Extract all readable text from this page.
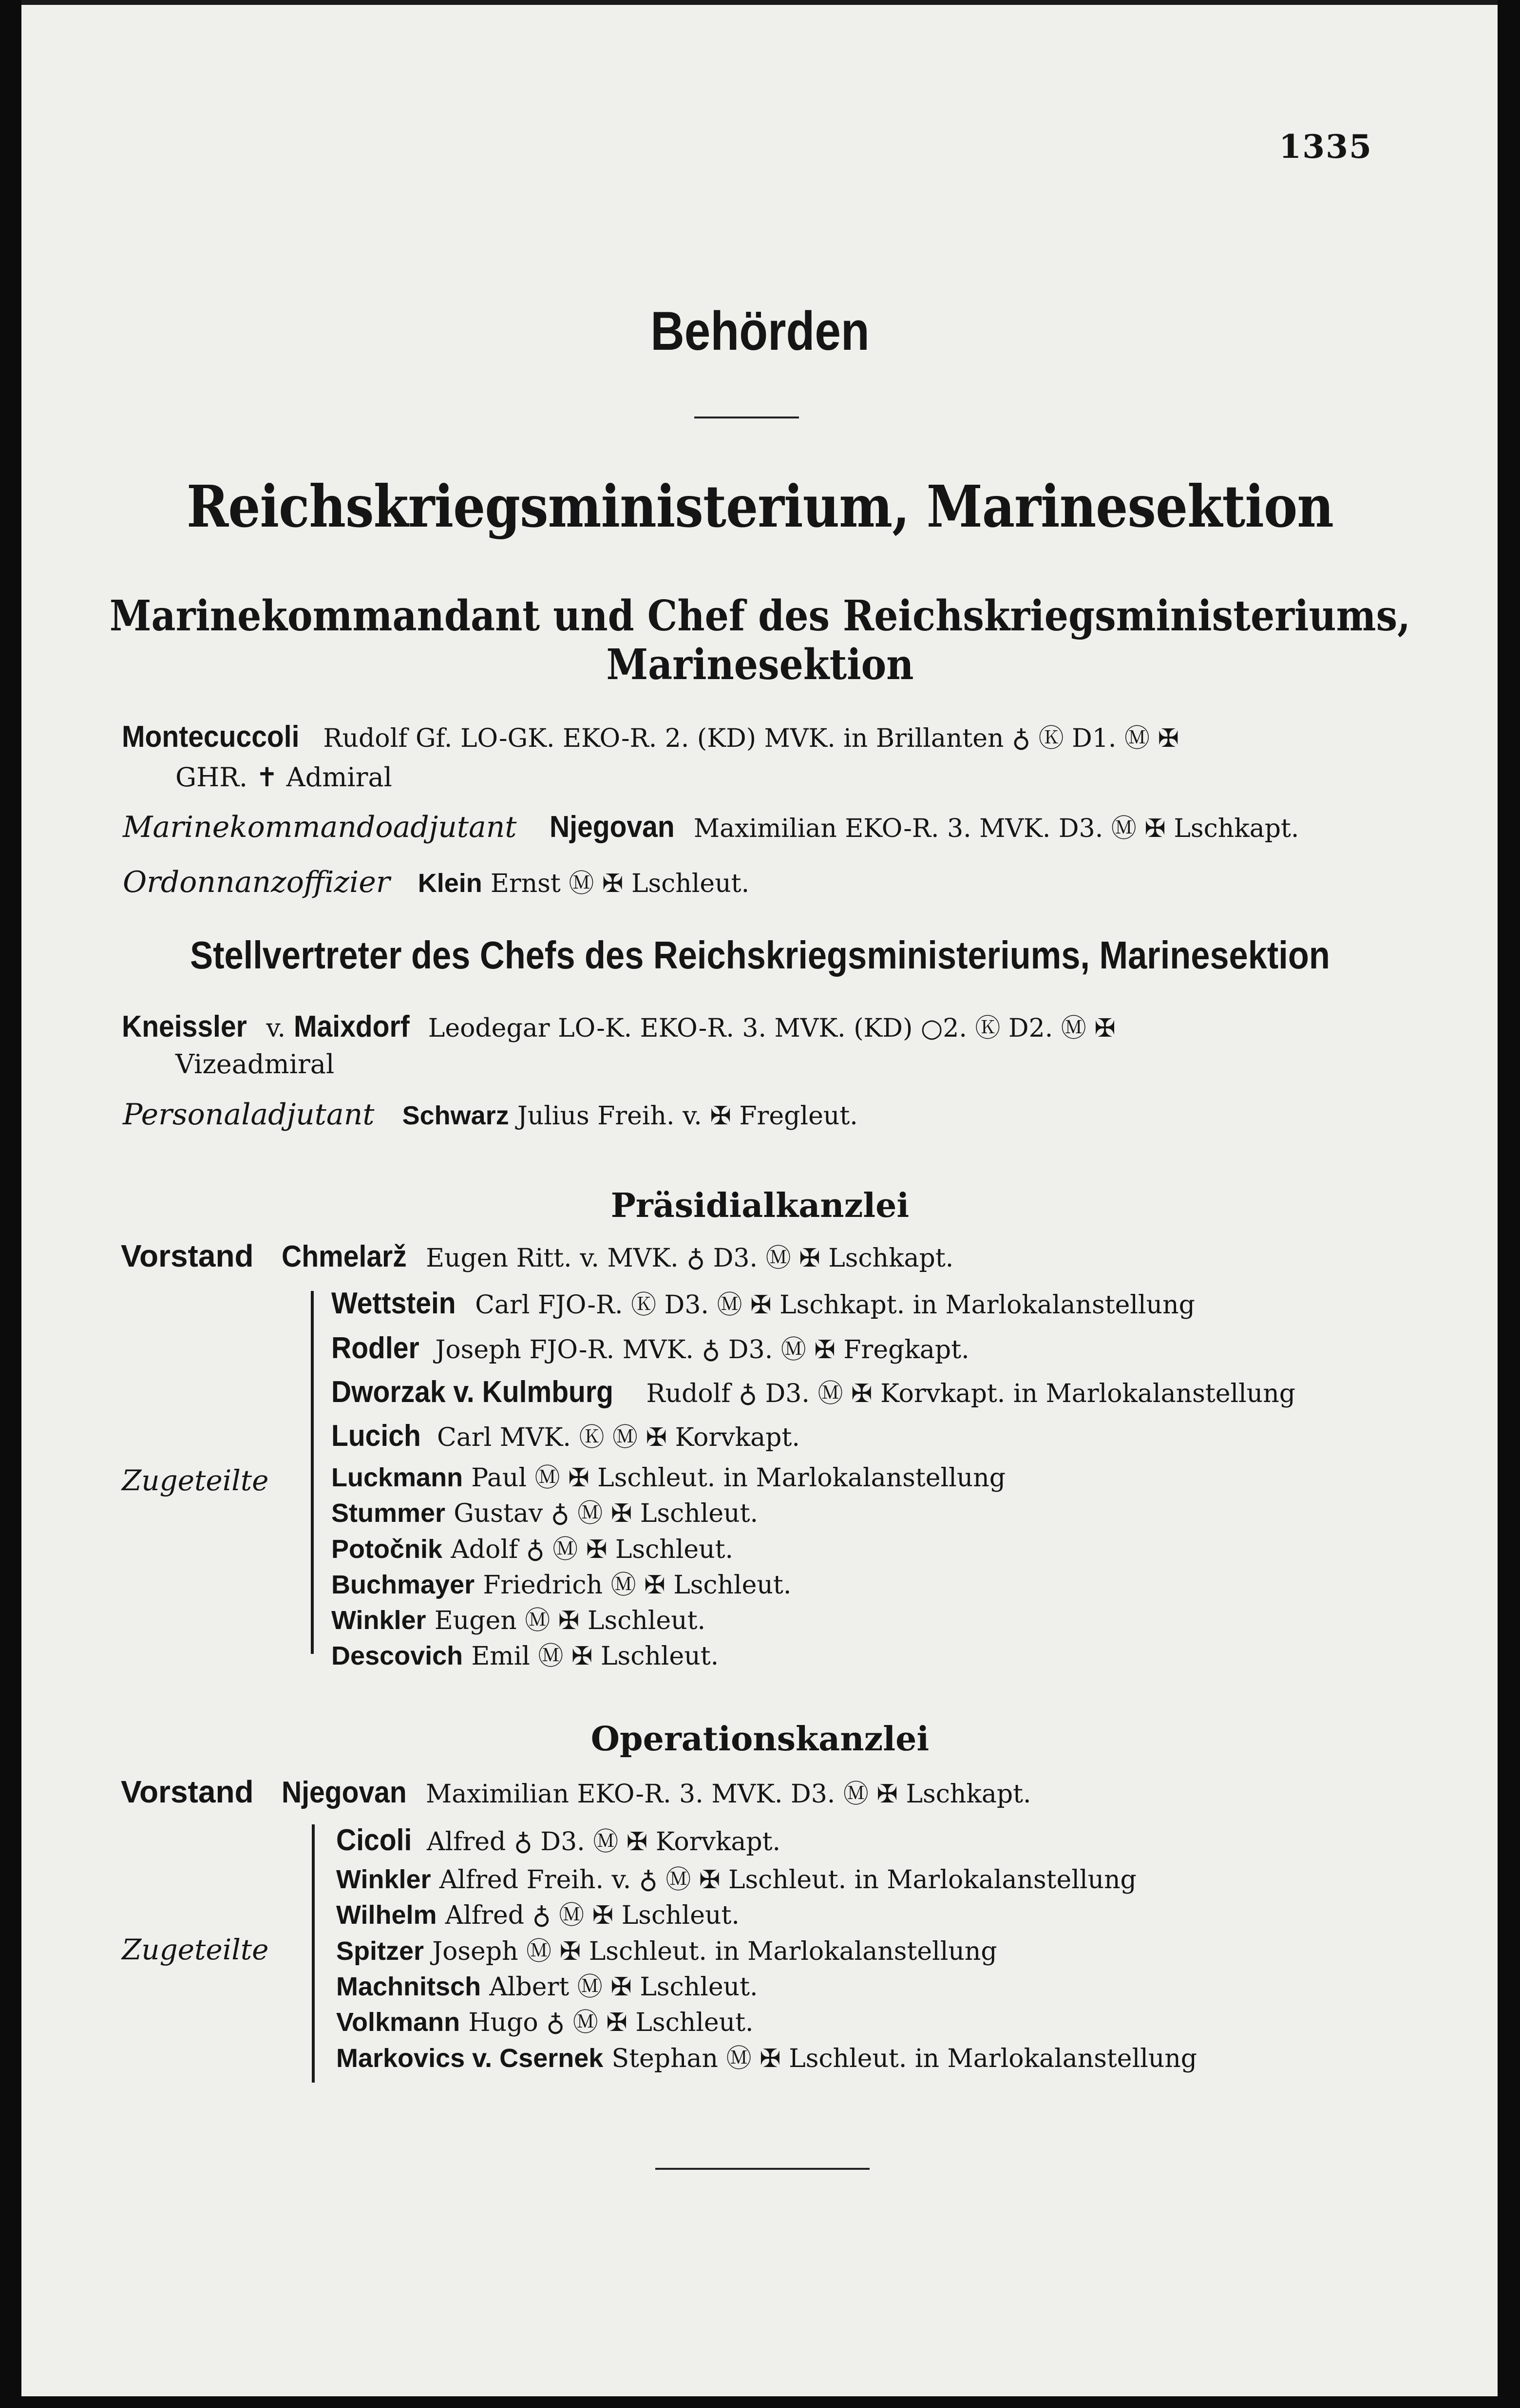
1335
Behörden
Reichskriegsministerium, Marinesektion
Marinekommandant und Chef des Reichskriegsministeriums,
Marinesektion
Montecuccoli Rudolf Gf. LO-GK. EKO-R. 2. (KD) MVK. in Brillanten ♁ Ⓚ D1. Ⓜ ✠
GHR. ✝ Admiral
Marinekommandoadjutant Njegovan Maximilian EKO-R. 3. MVK. D3. Ⓜ ✠ Lschkapt.
Ordonnanzoffizier Klein Ernst Ⓜ ✠ Lschleut.
Stellvertreter des Chefs des Reichskriegsministeriums, Marinesektion
Kneissler v. Maixdorf Leodegar LO-K. EKO-R. 3. MVK. (KD) ○2. Ⓚ D2. Ⓜ ✠
Vizeadmiral
Personaladjutant Schwarz Julius Freih. v. ✠ Fregleut.
Präsidialkanzlei
Vorstand Chmelarž Eugen Ritt. v. MVK. ♁ D3. Ⓜ ✠ Lschkapt.
Zugeteilte
Wettstein Carl FJO-R. Ⓚ D3. Ⓜ ✠ Lschkapt. in Marlokalanstellung
Rodler Joseph FJO-R. MVK. ♁ D3. Ⓜ ✠ Fregkapt.
Dworzak v. Kulmburg Rudolf ♁ D3. Ⓜ ✠ Korvkapt. in Marlokalanstellung
Lucich Carl MVK. Ⓚ Ⓜ ✠ Korvkapt.
Luckmann Paul Ⓜ ✠ Lschleut. in Marlokalanstellung
Stummer Gustav ♁ Ⓜ ✠ Lschleut.
Potočnik Adolf ♁ Ⓜ ✠ Lschleut.
Buchmayer Friedrich Ⓜ ✠ Lschleut.
Winkler Eugen Ⓜ ✠ Lschleut.
Descovich Emil Ⓜ ✠ Lschleut.
Operationskanzlei
Vorstand Njegovan Maximilian EKO-R. 3. MVK. D3. Ⓜ ✠ Lschkapt.
Zugeteilte
Cicoli Alfred ♁ D3. Ⓜ ✠ Korvkapt.
Winkler Alfred Freih. v. ♁ Ⓜ ✠ Lschleut. in Marlokalanstellung
Wilhelm Alfred ♁ Ⓜ ✠ Lschleut.
Spitzer Joseph Ⓜ ✠ Lschleut. in Marlokalanstellung
Machnitsch Albert Ⓜ ✠ Lschleut.
Volkmann Hugo ♁ Ⓜ ✠ Lschleut.
Markovics v. Csernek Stephan Ⓜ ✠ Lschleut. in Marlokalanstellung
